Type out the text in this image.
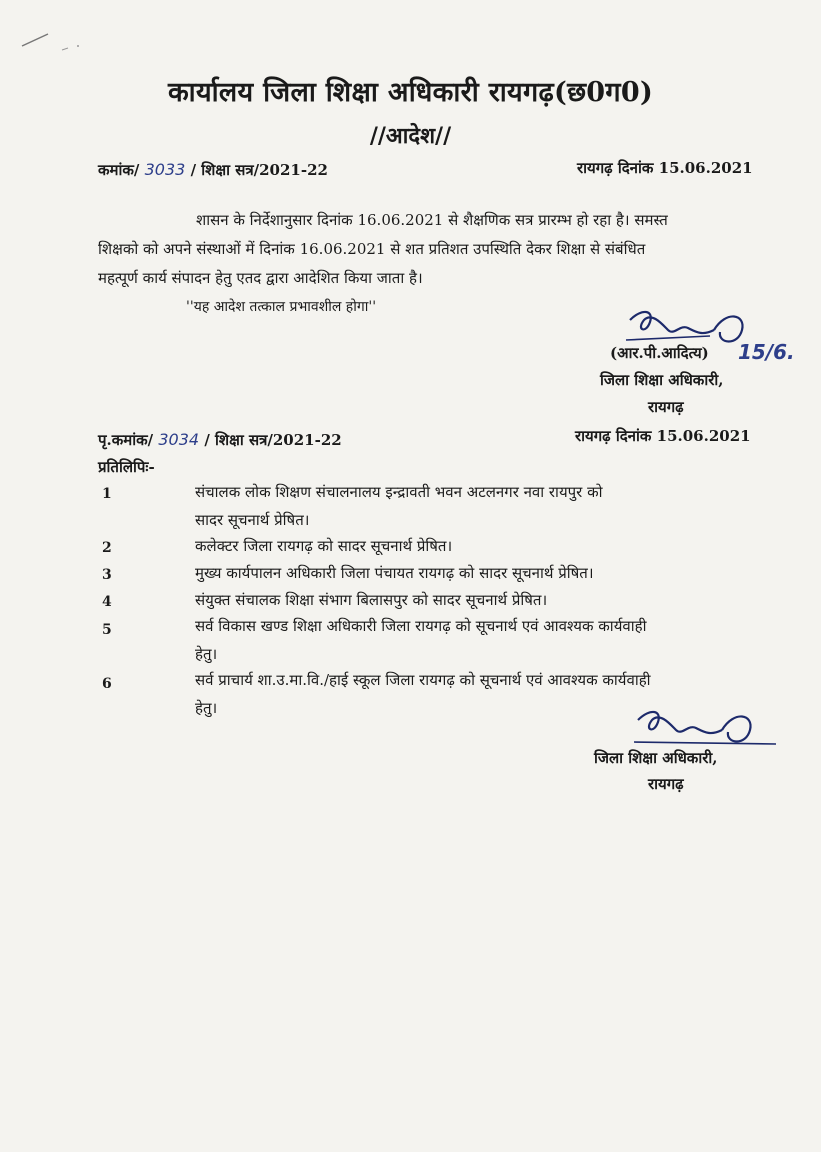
कार्यालय जिला शिक्षा अधिकारी रायगढ़(छ0ग0)
//आदेश//
कमांक/ 3033 / शिक्षा सत्र/2021-22	रायगढ़ दिनांक 15.06.2021
शासन के निर्देशानुसार दिनांक 16.06.2021 से शैक्षणिक सत्र प्रारम्भ हो रहा है। समस्त
शिक्षको को अपने संस्थाओं में दिनांक 16.06.2021 से शत प्रतिशत उपस्थिति देकर शिक्षा से संबंधित
महत्पूर्ण कार्य संपादन हेतु एतद द्वारा आदेशित किया जाता है।
''यह आदेश तत्काल प्रभावशील होगा''
(आर.पी.आदित्य) 15/6.
जिला शिक्षा अधिकारी,
रायगढ़
पृ.कमांक/ 3034 / शिक्षा सत्र/2021-22	रायगढ़ दिनांक 15.06.2021
प्रतिलिपिः-
1	संचालक लोक शिक्षण संचालनालय इन्द्रावती भवन अटलनगर नवा रायपुर को
सादर सूचनार्थ प्रेषित।
2	कलेक्टर जिला रायगढ़ को सादर सूचनार्थ प्रेषित।
3	मुख्य कार्यपालन अधिकारी जिला पंचायत रायगढ़ को सादर सूचनार्थ प्रेषित।
4	संयुक्त संचालक शिक्षा संभाग बिलासपुर को सादर सूचनार्थ प्रेषित।
5	सर्व विकास खण्ड शिक्षा अधिकारी जिला रायगढ़ को सूचनार्थ एवं आवश्यक कार्यवाही
हेतु।
6	सर्व प्राचार्य शा.उ.मा.वि./हाई स्कूल जिला रायगढ़ को सूचनार्थ एवं आवश्यक कार्यवाही
हेतु।
जिला शिक्षा अधिकारी,
रायगढ़
